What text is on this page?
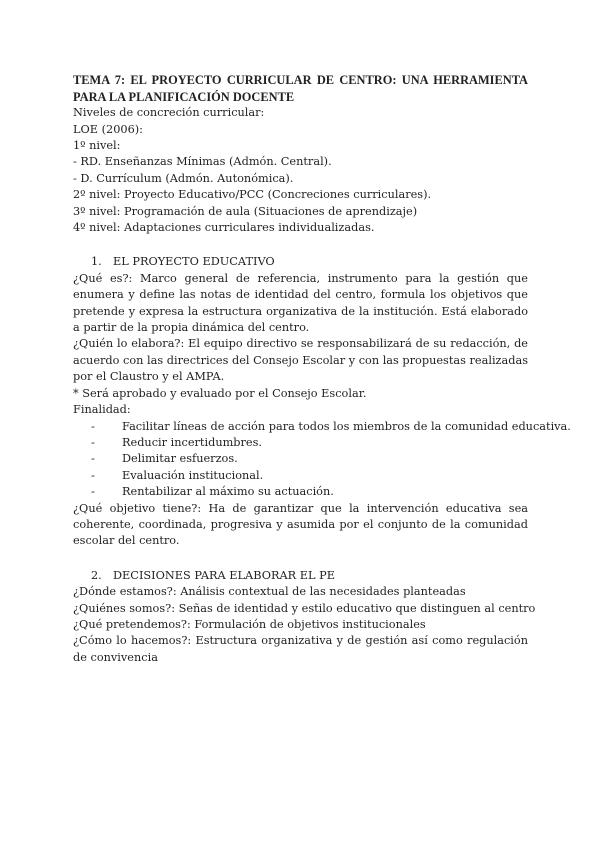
TEMA 7: EL PROYECTO CURRICULAR DE CENTRO: UNA HERRAMIENTA PARA LA PLANIFICACIÓN DOCENTE
Niveles de concreción curricular:
LOE (2006):
1º nivel:
- RD. Enseñanzas Mínimas (Admón. Central).
- D. Currículum (Admón. Autonómica).
2º nivel: Proyecto Educativo/PCC (Concreciones curriculares).
3º nivel: Programación de aula (Situaciones de aprendizaje)
4º nivel: Adaptaciones curriculares individualizadas.
1. EL PROYECTO EDUCATIVO
¿Qué es?: Marco general de referencia, instrumento para la gestión que enumera y define las notas de identidad del centro, formula los objetivos que pretende y expresa la estructura organizativa de la institución. Está elaborado a partir de la propia dinámica del centro.
¿Quién lo elabora?: El equipo directivo se responsabilizará de su redacción, de acuerdo con las directrices del Consejo Escolar y con las propuestas realizadas por el Claustro y el AMPA.
* Será aprobado y evaluado por el Consejo Escolar.
Finalidad:
- Facilitar líneas de acción para todos los miembros de la comunidad educativa.
- Reducir incertidumbres.
- Delimitar esfuerzos.
- Evaluación institucional.
- Rentabilizar al máximo su actuación.
¿Qué objetivo tiene?: Ha de garantizar que la intervención educativa sea coherente, coordinada, progresiva y asumida por el conjunto de la comunidad escolar del centro.
2. DECISIONES PARA ELABORAR EL PE
¿Dónde estamos?: Análisis contextual de las necesidades planteadas
¿Quiénes somos?: Señas de identidad y estilo educativo que distinguen al centro
¿Qué pretendemos?: Formulación de objetivos institucionales
¿Cómo lo hacemos?: Estructura organizativa y de gestión así como regulación de convivencia
